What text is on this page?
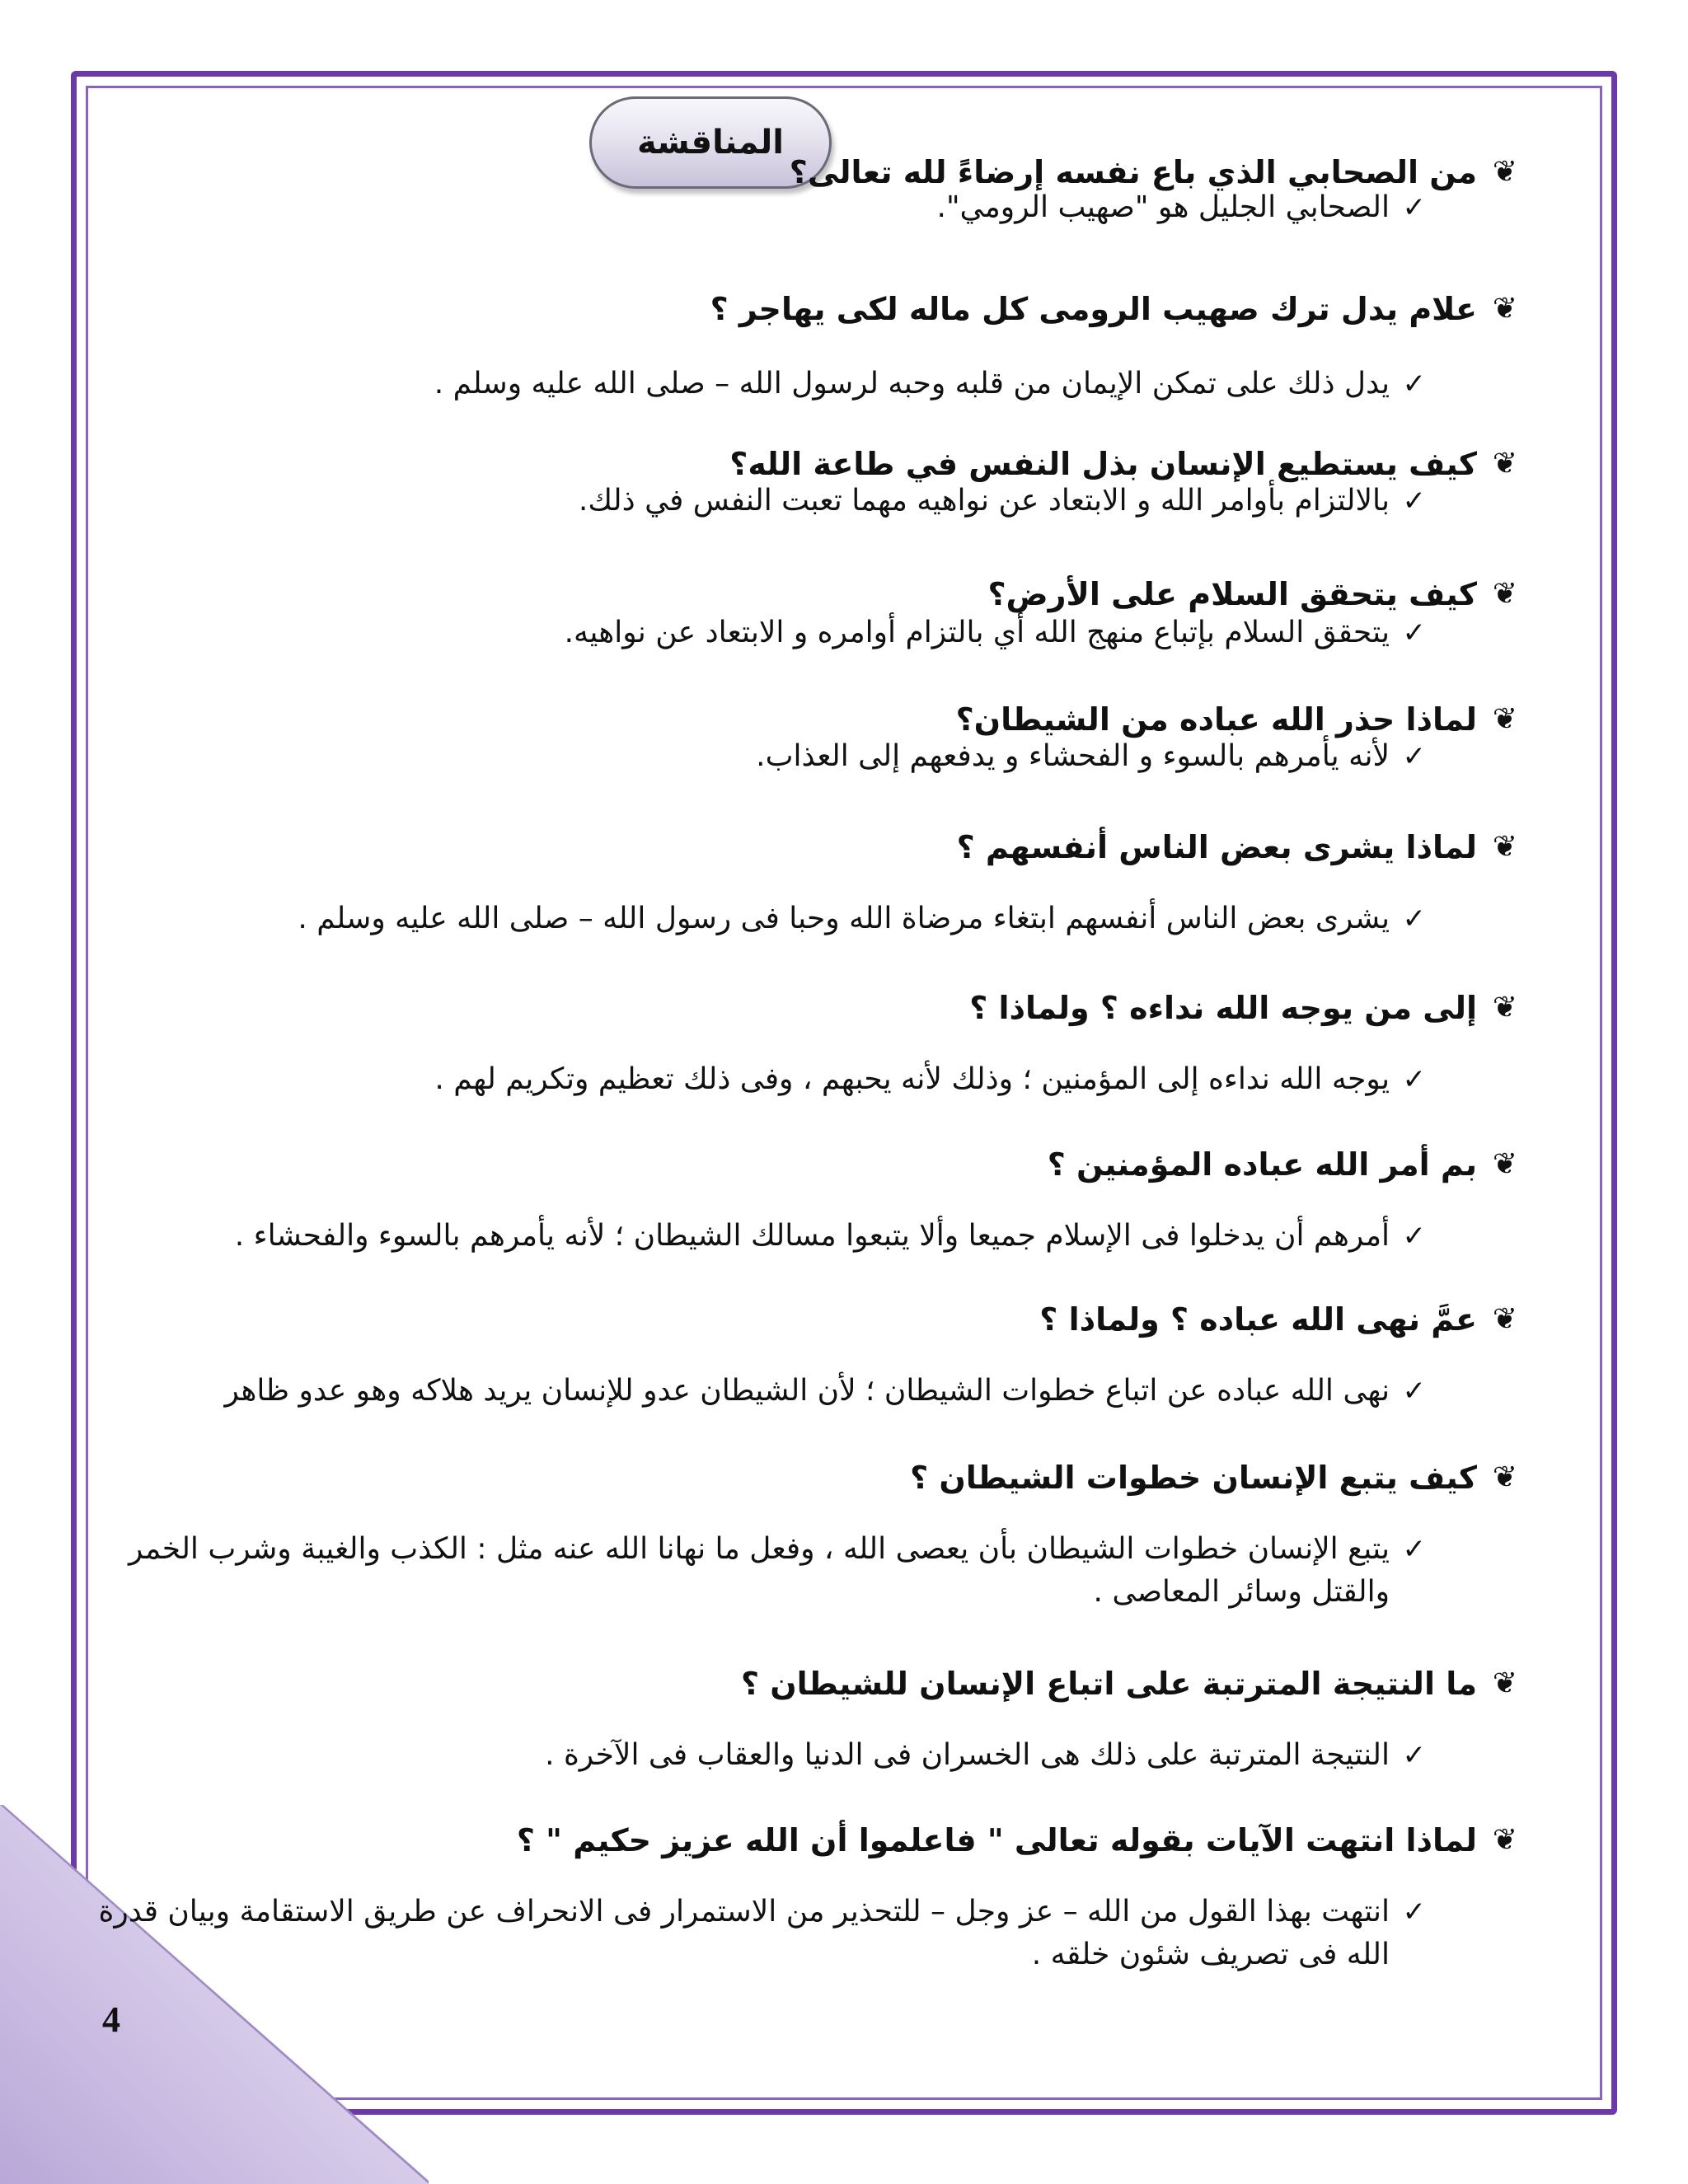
4
المناقشة
❦
من الصحابي الذي باع نفسه إرضاءً لله تعالى؟
✓
الصحابي الجليل هو "صهيب الرومي".
❦
علام يدل ترك صهيب الرومى كل ماله لكى يهاجر ؟
✓
يدل ذلك على تمكن الإيمان من قلبه وحبه لرسول الله – صلى الله عليه وسلم .
❦
كيف يستطيع الإنسان بذل النفس في طاعة الله؟
✓
بالالتزام بأوامر الله و الابتعاد عن نواهيه مهما تعبت النفس في ذلك.
❦
كيف يتحقق السلام على الأرض؟
✓
يتحقق السلام بإتباع منهج الله أي بالتزام أوامره و الابتعاد عن نواهيه.
❦
لماذا حذر الله عباده من الشيطان؟
✓
لأنه يأمرهم بالسوء و الفحشاء و يدفعهم إلى العذاب.
❦
لماذا يشرى بعض الناس أنفسهم ؟
✓
يشرى بعض الناس أنفسهم ابتغاء مرضاة الله وحبا فى رسول الله – صلى الله عليه وسلم .
❦
إلى من يوجه الله نداءه ؟ ولماذا ؟
✓
يوجه الله نداءه إلى المؤمنين ؛ وذلك لأنه يحبهم ، وفى ذلك تعظيم وتكريم لهم .
❦
بم أمر الله عباده المؤمنين ؟
✓
أمرهم أن يدخلوا فى الإسلام جميعا وألا يتبعوا مسالك الشيطان ؛ لأنه يأمرهم بالسوء والفحشاء .
❦
عمَّ نهى الله عباده ؟ ولماذا ؟
✓
نهى الله عباده عن اتباع خطوات الشيطان ؛ لأن الشيطان عدو للإنسان يريد هلاكه وهو عدو ظاهر
❦
كيف يتبع الإنسان خطوات الشيطان ؟
✓
يتبع الإنسان خطوات الشيطان بأن يعصى الله ، وفعل ما نهانا الله عنه مثل : الكذب والغيبة وشرب الخمر والقتل وسائر المعاصى .
❦
ما النتيجة المترتبة على اتباع الإنسان للشيطان ؟
✓
النتيجة المترتبة على ذلك هى الخسران فى الدنيا والعقاب فى الآخرة .
❦
لماذا انتهت الآيات بقوله تعالى " فاعلموا أن الله عزيز حكيم " ؟
✓
انتهت بهذا القول من الله – عز وجل – للتحذير من الاستمرار فى الانحراف عن طريق الاستقامة وبيان قدرة الله فى تصريف شئون خلقه .
